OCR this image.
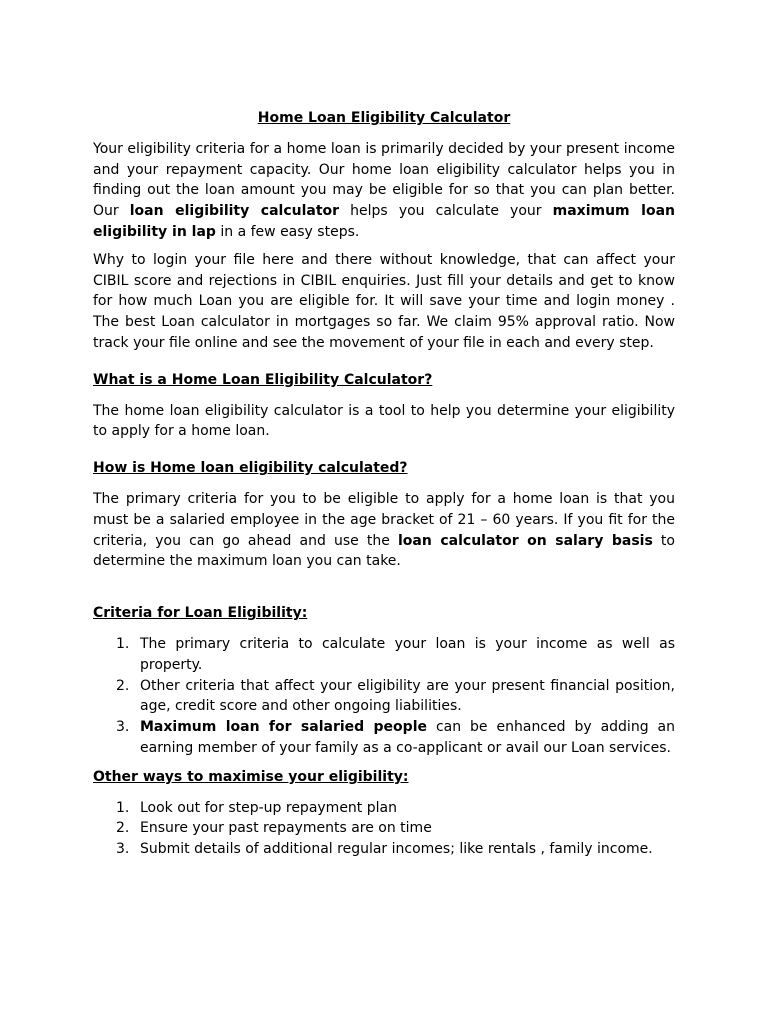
Home Loan Eligibility Calculator

Your eligibility criteria for a home loan is primarily decided by your present income and your repayment capacity. Our home loan eligibility calculator helps you in finding out the loan amount you may be eligible for so that you can plan better. Our loan eligibility calculator helps you calculate your maximum loan eligibility in lap in a few easy steps.

Why to login your file here and there without knowledge, that can affect your CIBIL score and rejections in CIBIL enquiries. Just fill your details and get to know for how much Loan you are eligible for. It will save your time and login money . The best Loan calculator in mortgages so far. We claim 95% approval ratio. Now track your file online and see the movement of your file in each and every step.

What is a Home Loan Eligibility Calculator?

The home loan eligibility calculator is a tool to help you determine your eligibility to apply for a home loan.

How is Home loan eligibility calculated?

The primary criteria for you to be eligible to apply for a home loan is that you must be a salaried employee in the age bracket of 21 – 60 years. If you fit for the criteria, you can go ahead and use the loan calculator on salary basis to determine the maximum loan you can take.

Criteria for Loan Eligibility:
1. The primary criteria to calculate your loan is your income as well as property.
2. Other criteria that affect your eligibility are your present financial position, age, credit score and other ongoing liabilities.
3. Maximum loan for salaried people can be enhanced by adding an earning member of your family as a co-applicant or avail our Loan services.
Other ways to maximise your eligibility:
1. Look out for step-up repayment plan
2. Ensure your past repayments are on time
3. Submit details of additional regular incomes; like rentals , family income.
